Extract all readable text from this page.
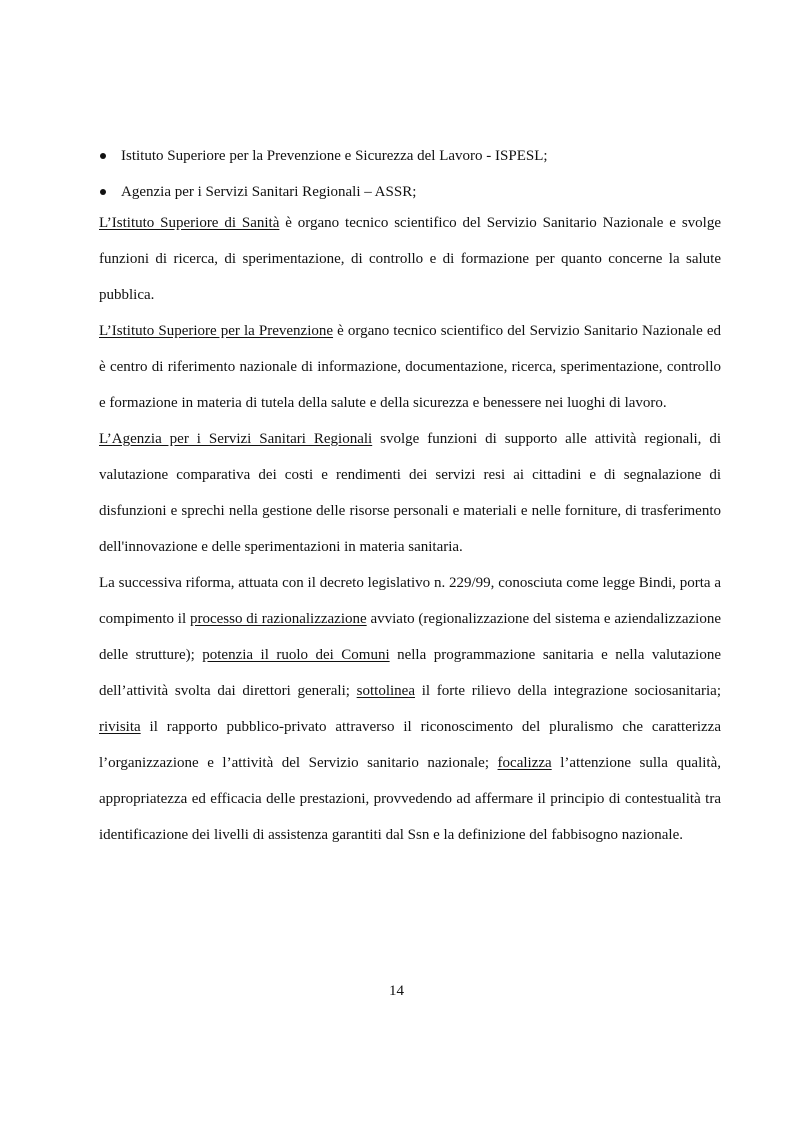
Istituto Superiore per la Prevenzione e Sicurezza del Lavoro - ISPESL;
Agenzia per i Servizi Sanitari Regionali – ASSR;

L’Istituto Superiore di Sanità è organo tecnico scientifico del Servizio Sanitario Nazionale e svolge funzioni di ricerca, di sperimentazione, di controllo e di formazione per quanto concerne la salute pubblica.

L’Istituto Superiore per la Prevenzione è organo tecnico scientifico del Servizio Sanitario Nazionale ed è centro di riferimento nazionale di informazione, documentazione, ricerca, sperimentazione, controllo e formazione in materia di tutela della salute e della sicurezza e benessere nei luoghi di lavoro.

L’Agenzia per i Servizi Sanitari Regionali svolge funzioni di supporto alle attività regionali, di valutazione comparativa dei costi e rendimenti dei servizi resi ai cittadini e di segnalazione di disfunzioni e sprechi nella gestione delle risorse personali e materiali e nelle forniture, di trasferimento dell'innovazione e delle sperimentazioni in materia sanitaria.

La successiva riforma, attuata con il decreto legislativo n. 229/99, conosciuta come legge Bindi, porta a compimento il processo di razionalizzazione avviato (regionalizzazione del sistema e aziendalizzazione delle strutture); potenzia il ruolo dei Comuni nella programmazione sanitaria e nella valutazione dell’attività svolta dai direttori generali; sottolinea il forte rilievo della integrazione sociosanitaria; rivisita il rapporto pubblico-privato attraverso il riconoscimento del pluralismo che caratterizza l’organizzazione e l’attività del Servizio sanitario nazionale; focalizza l’attenzione sulla qualità, appropriatezza ed efficacia delle prestazioni, provvedendo ad affermare il principio di contestualità tra identificazione dei livelli di assistenza garantiti dal Ssn e la definizione del fabbisogno nazionale.

14
